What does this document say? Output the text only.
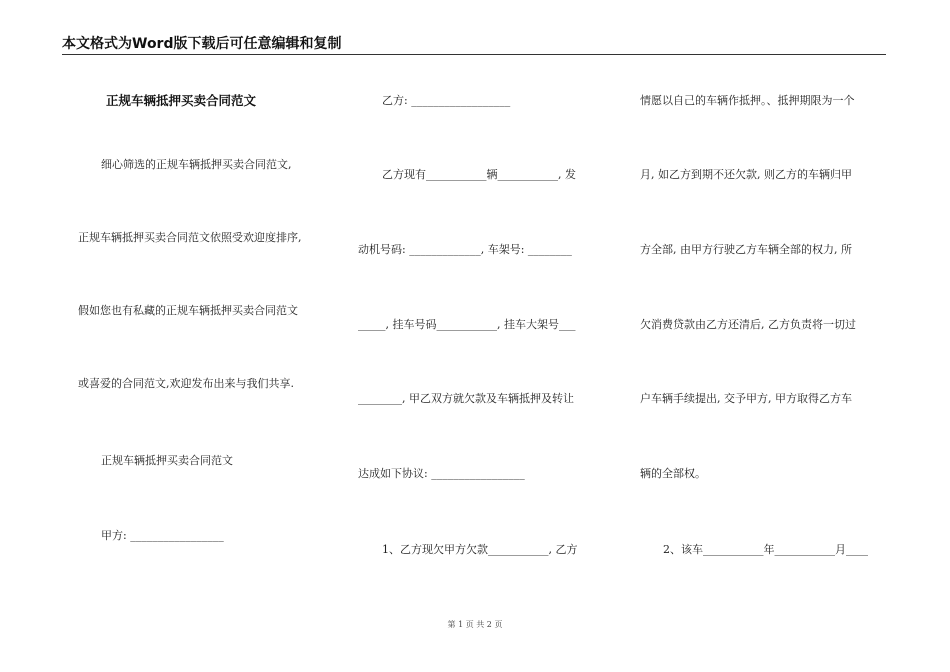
本文格式为Word版下载后可任意编辑和复制
正规车辆抵押买卖合同范文
细心筛选的正规车辆抵押买卖合同范文,
正规车辆抵押买卖合同范文依照受欢迎度排序,
假如您也有私藏的正规车辆抵押买卖合同范文
或喜爱的合同范文,欢迎发布出来与我们共享.
正规车辆抵押买卖合同范文
甲方: _________________
乙方: __________________
乙方现有___________辆___________, 发
动机号码: _____________, 车架号: ________
_____, 挂车号码___________, 挂车大架号___
________, 甲乙双方就欠款及车辆抵押及转让
达成如下协议: _________________
1、乙方现欠甲方欠款___________, 乙方
情愿以自己的车辆作抵押。、抵押期限为一个
月, 如乙方到期不还欠款, 则乙方的车辆归甲
方全部, 由甲方行驶乙方车辆全部的权力, 所
欠消费贷款由乙方还清后, 乙方负责将一切过
户车辆手续提出, 交予甲方, 甲方取得乙方车
辆的全部权。
2、该车___________年___________月____
第 1 页 共 2 页
